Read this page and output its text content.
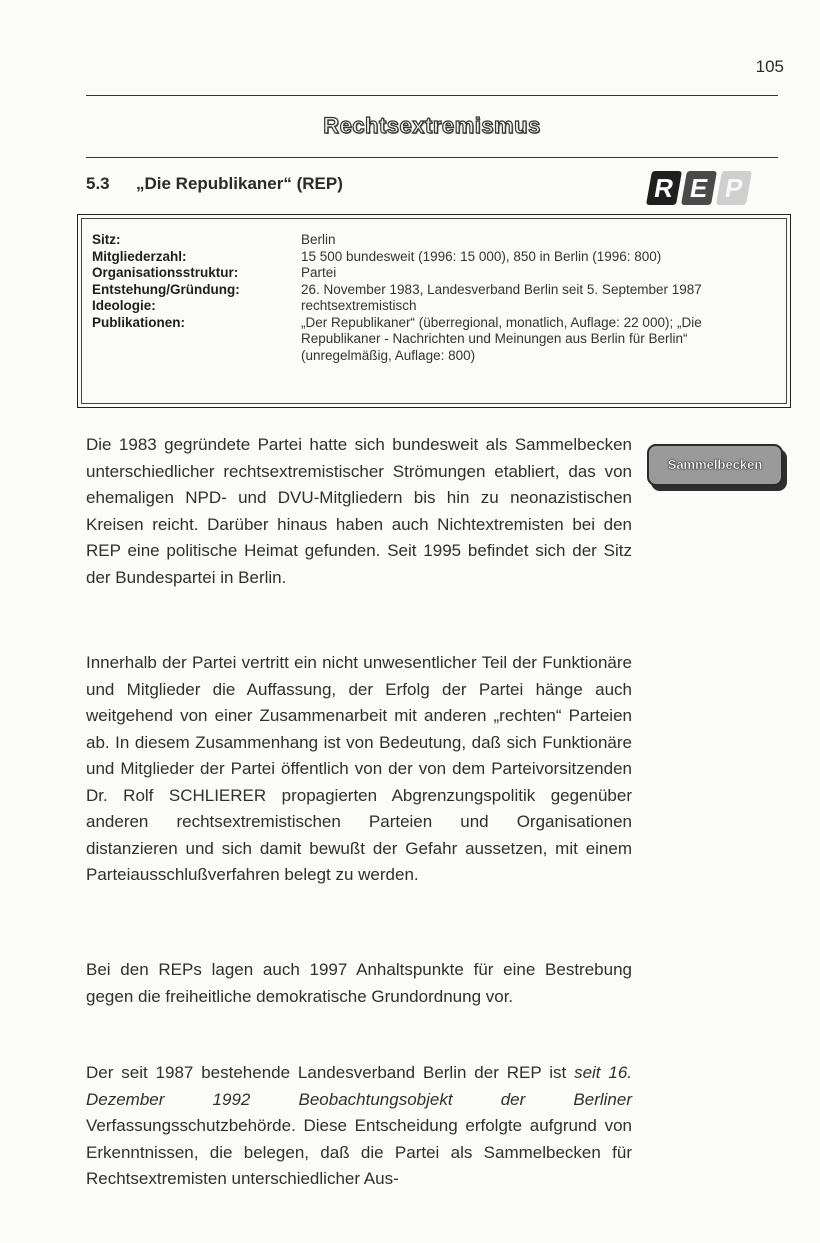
105
Rechtsextremismus
5.3 „Die Republikaner“ (REP)	R E P
Sitz:	Berlin
Mitgliederzahl:	15 500 bundesweit (1996: 15 000), 850 in Berlin (1996: 800)
Organisationsstruktur:	Partei
Entstehung/Gründung:	26. November 1983, Landesverband Berlin seit 5. September 1987
Ideologie:	rechtsextremistisch
Publikationen:	„Der Republikaner“ (überregional, monatlich, Auflage: 22 000); „Die Republikaner - Nachrichten und Meinungen aus Berlin für Berlin“ (unregelmäßig, Auflage: 800)
Sammelbecken

Die 1983 gegründete Partei hatte sich bundesweit als Sammelbecken unterschiedlicher rechtsextremistischer Strömungen etabliert, das von ehemaligen NPD- und DVU-Mitgliedern bis hin zu neonazistischen Kreisen reicht. Darüber hinaus haben auch Nichtextremisten bei den REP eine politische Heimat gefunden. Seit 1995 befindet sich der Sitz der Bundespartei in Berlin.

Innerhalb der Partei vertritt ein nicht unwesentlicher Teil der Funktionäre und Mitglieder die Auffassung, der Erfolg der Partei hänge auch weitgehend von einer Zusammenarbeit mit anderen „rechten“ Parteien ab. In diesem Zusammenhang ist von Bedeutung, daß sich Funktionäre und Mitglieder der Partei öffentlich von der von dem Parteivorsitzenden Dr. Rolf SCHLIERER propagierten Abgrenzungspolitik gegenüber anderen rechtsextremistischen Parteien und Organisationen distanzieren und sich damit bewußt der Gefahr aussetzen, mit einem Parteiausschlußverfahren belegt zu werden.

Bei den REPs lagen auch 1997 Anhaltspunkte für eine Bestrebung gegen die freiheitliche demokratische Grundordnung vor.

Der seit 1987 bestehende Landesverband Berlin der REP ist seit 16. Dezember 1992 Beobachtungsobjekt der Berliner Verfassungsschutzbehörde. Diese Entscheidung erfolgte aufgrund von Erkenntnissen, die belegen, daß die Partei als Sammelbecken für Rechtsextremisten unterschiedlicher Aus-
